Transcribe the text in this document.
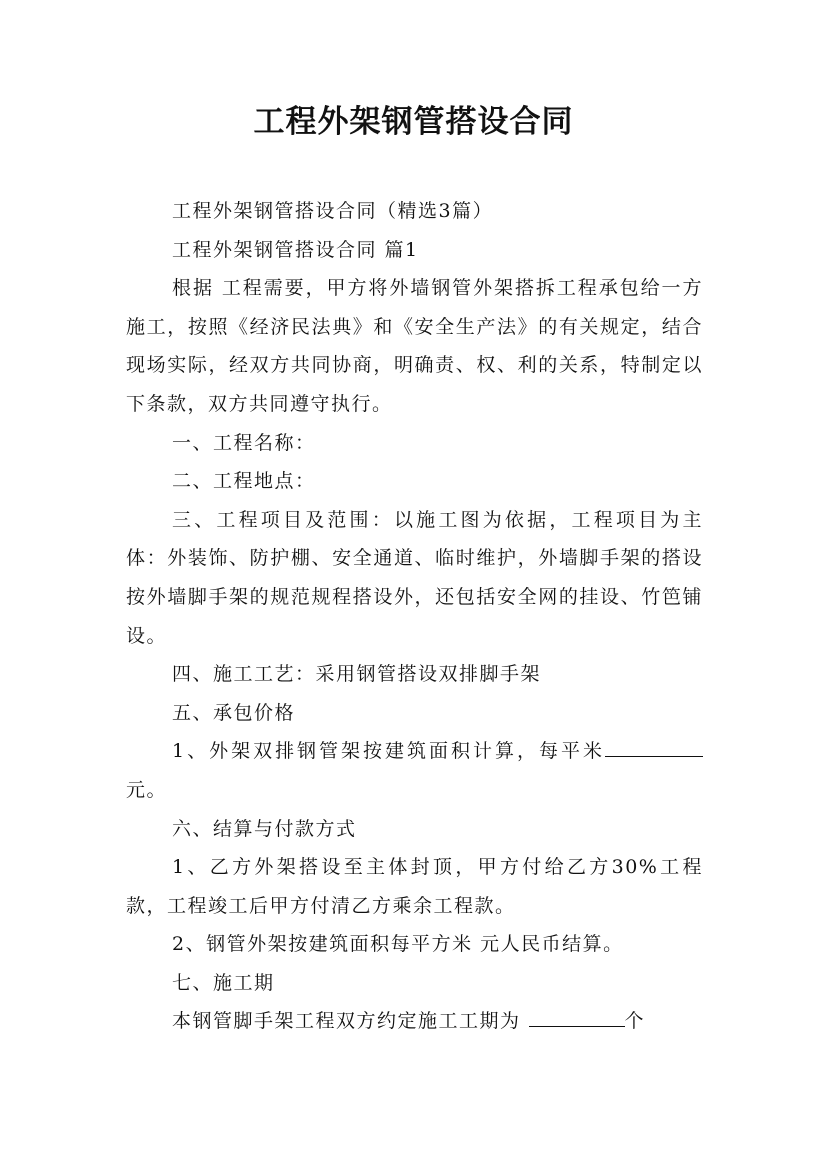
工程外架钢管搭设合同

工程外架钢管搭设合同（精选3篇）

工程外架钢管搭设合同 篇1

根据 工程需要，甲方将外墙钢管外架搭拆工程承包给一方施工，按照《经济民法典》和《安全生产法》的有关规定，结合现场实际，经双方共同协商，明确责、权、利的关系，特制定以下条款，双方共同遵守执行。

一、工程名称：

二、工程地点：

三、工程项目及范围：以施工图为依据，工程项目为主体：外装饰、防护棚、安全通道、临时维护，外墙脚手架的搭设按外墙脚手架的规范规程搭设外，还包括安全网的挂设、竹笆铺设。

四、施工工艺：采用钢管搭设双排脚手架

五、承包价格

1、外架双排钢管架按建筑面积计算，每平米元。

六、结算与付款方式

1、乙方外架搭设至主体封顶，甲方付给乙方30%工程款，工程竣工后甲方付清乙方乘余工程款。

2、钢管外架按建筑面积每平方米 元人民币结算。

七、施工期

本钢管脚手架工程双方约定施工工期为	个
